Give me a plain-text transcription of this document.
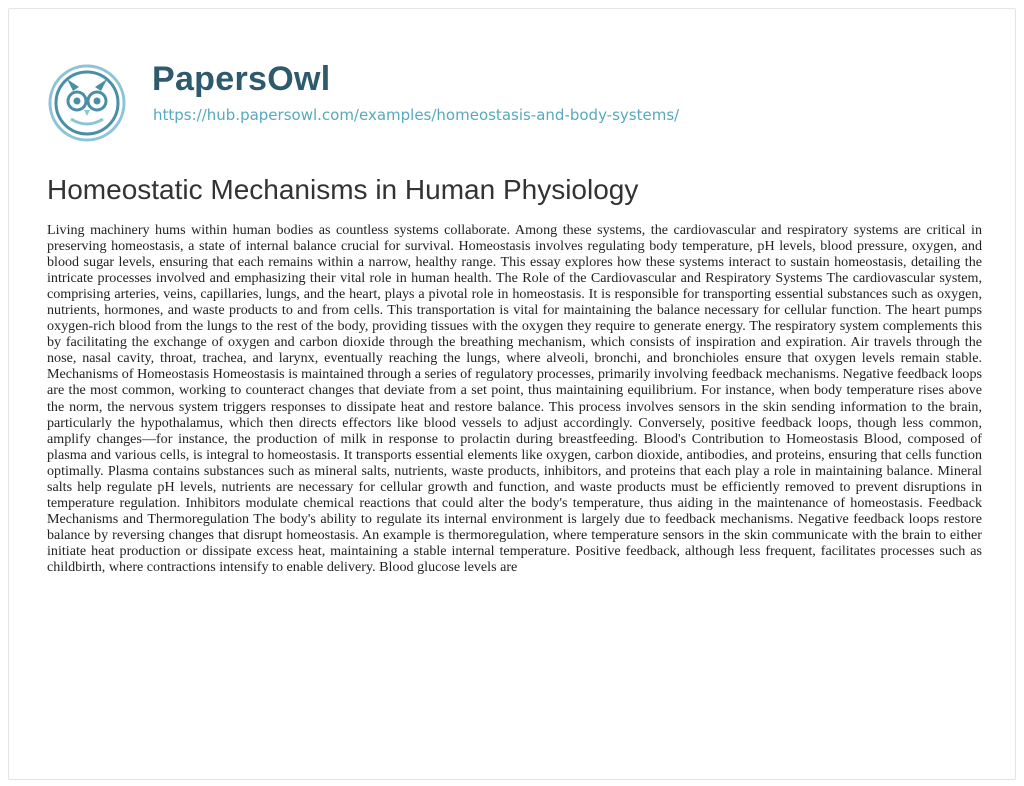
PapersOwl
https://hub.papersowl.com/examples/homeostasis-and-body-systems/
Homeostatic Mechanisms in Human Physiology

Living machinery hums within human bodies as countless systems collaborate. Among these systems, the cardiovascular and respiratory systems are critical in preserving homeostasis, a state of internal balance crucial for survival. Homeostasis involves regulating body temperature, pH levels, blood pressure, oxygen, and blood sugar levels, ensuring that each remains within a narrow, healthy range. This essay explores how these systems interact to sustain homeostasis, detailing the intricate processes involved and emphasizing their vital role in human health. The Role of the Cardiovascular and Respiratory Systems The cardiovascular system, comprising arteries, veins, capillaries, lungs, and the heart, plays a pivotal role in homeostasis. It is responsible for transporting essential substances such as oxygen, nutrients, hormones, and waste products to and from cells. This transportation is vital for maintaining the balance necessary for cellular function. The heart pumps oxygen-rich blood from the lungs to the rest of the body, providing tissues with the oxygen they require to generate energy. The respiratory system complements this by facilitating the exchange of oxygen and carbon dioxide through the breathing mechanism, which consists of inspiration and expiration. Air travels through the nose, nasal cavity, throat, trachea, and larynx, eventually reaching the lungs, where alveoli, bronchi, and bronchioles ensure that oxygen levels remain stable. Mechanisms of Homeostasis Homeostasis is maintained through a series of regulatory processes, primarily involving feedback mechanisms. Negative feedback loops are the most common, working to counteract changes that deviate from a set point, thus maintaining equilibrium. For instance, when body temperature rises above the norm, the nervous system triggers responses to dissipate heat and restore balance. This process involves sensors in the skin sending information to the brain, particularly the hypothalamus, which then directs effectors like blood vessels to adjust accordingly. Conversely, positive feedback loops, though less common, amplify changes—for instance, the production of milk in response to prolactin during breastfeeding. Blood's Contribution to Homeostasis Blood, composed of plasma and various cells, is integral to homeostasis. It transports essential elements like oxygen, carbon dioxide, antibodies, and proteins, ensuring that cells function optimally. Plasma contains substances such as mineral salts, nutrients, waste products, inhibitors, and proteins that each play a role in maintaining balance. Mineral salts help regulate pH levels, nutrients are necessary for cellular growth and function, and waste products must be efficiently removed to prevent disruptions in temperature regulation. Inhibitors modulate chemical reactions that could alter the body's temperature, thus aiding in the maintenance of homeostasis. Feedback Mechanisms and Thermoregulation The body's ability to regulate its internal environment is largely due to feedback mechanisms. Negative feedback loops restore balance by reversing changes that disrupt homeostasis. An example is thermoregulation, where temperature sensors in the skin communicate with the brain to either initiate heat production or dissipate excess heat, maintaining a stable internal temperature. Positive feedback, although less frequent, facilitates processes such as childbirth, where contractions intensify to enable delivery. Blood glucose levels are
